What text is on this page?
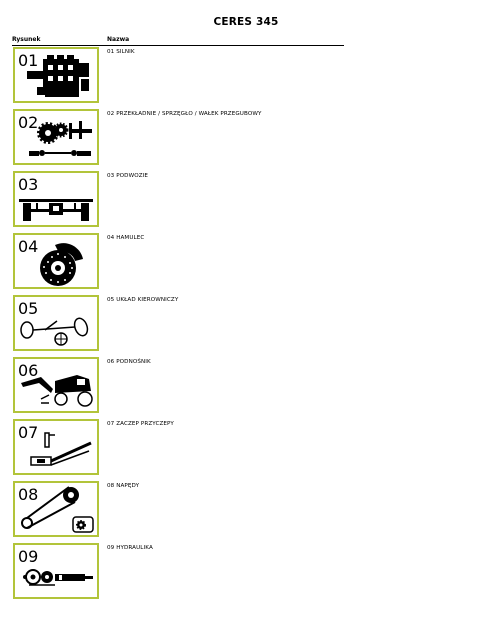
CERES 345
Rysunek	Nazwa
01	01 SILNIK
02	02 PRZEKŁADNIE / SPRZĘGŁO / WAŁEK PRZEGUBOWY
03	03 PODWOZIE
04	04 HAMULEC
05	05 UKŁAD KIEROWNICZY
06	06 PODNOŚNIK
07	07 ZACZEP PRZYCZEPY
08	08 NAPĘDY
09	09 HYDRAULIKA
